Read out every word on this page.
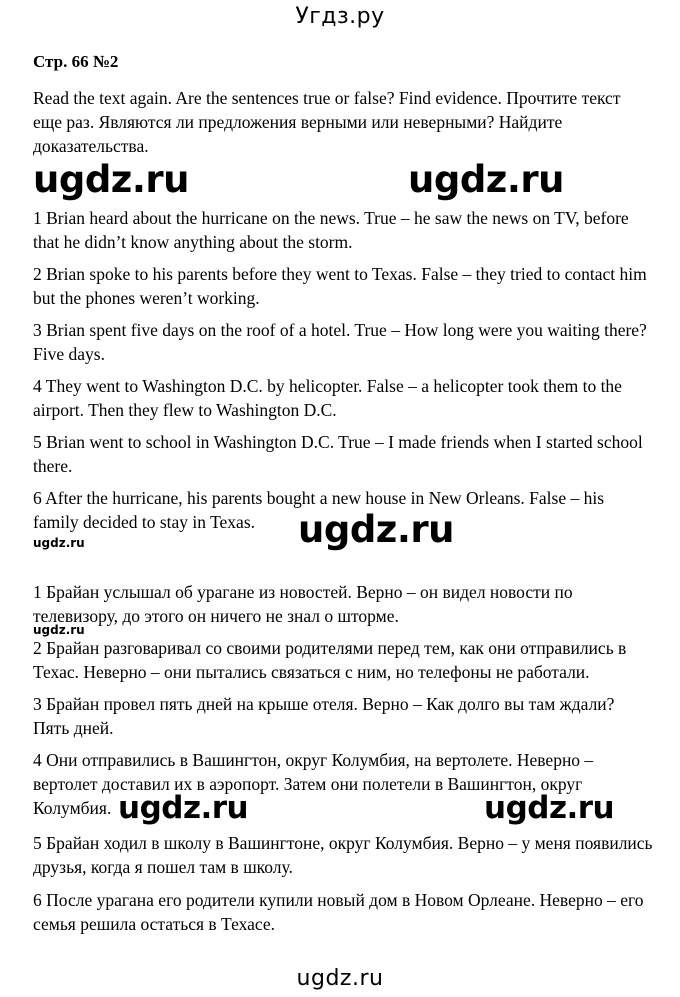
Угдз.ру
Стр. 66 №2
Read the text again. Are the sentences true or false? Find evidence. Прочтите текст еще раз. Являются ли предложения верными или неверными? Найдите доказательства.
ugdz.ru	ugdz.ru
1 Brian heard about the hurricane on the news. True – he saw the news on TV, before that he didn’t know anything about the storm.
2 Brian spoke to his parents before they went to Texas. False – they tried to contact him but the phones weren’t working.
3 Brian spent five days on the roof of a hotel. True – How long were you waiting there? Five days.
4 They went to Washington D.C. by helicopter. False – a helicopter took them to the airport. Then they flew to Washington D.C.
5 Brian went to school in Washington D.C. True – I made friends when I started school there.
6 After the hurricane, his parents bought a new house in New Orleans. False – his family decided to stay in Texas.	ugdz.ru
ugdz.ru
1 Брайан услышал об урагане из новостей. Верно – он видел новости по телевизору, до этого он ничего не знал о шторме.
ugdz.ru
2 Брайан разговаривал со своими родителями перед тем, как они отправились в Техас. Неверно – они пытались связаться с ним, но телефоны не работали.
3 Брайан провел пять дней на крыше отеля. Верно – Как долго вы там ждали? Пять дней.
4 Они отправились в Вашингтон, округ Колумбия, на вертолете. Неверно – вертолет доставил их в аэропорт. Затем они полетели в Вашингтон, округ Колумбия. ugdz.ru	ugdz.ru
5 Брайан ходил в школу в Вашингтоне, округ Колумбия. Верно – у меня появились друзья, когда я пошел там в школу.
6 После урагана его родители купили новый дом в Новом Орлеане. Неверно – его семья решила остаться в Техасе.
ugdz.ru
